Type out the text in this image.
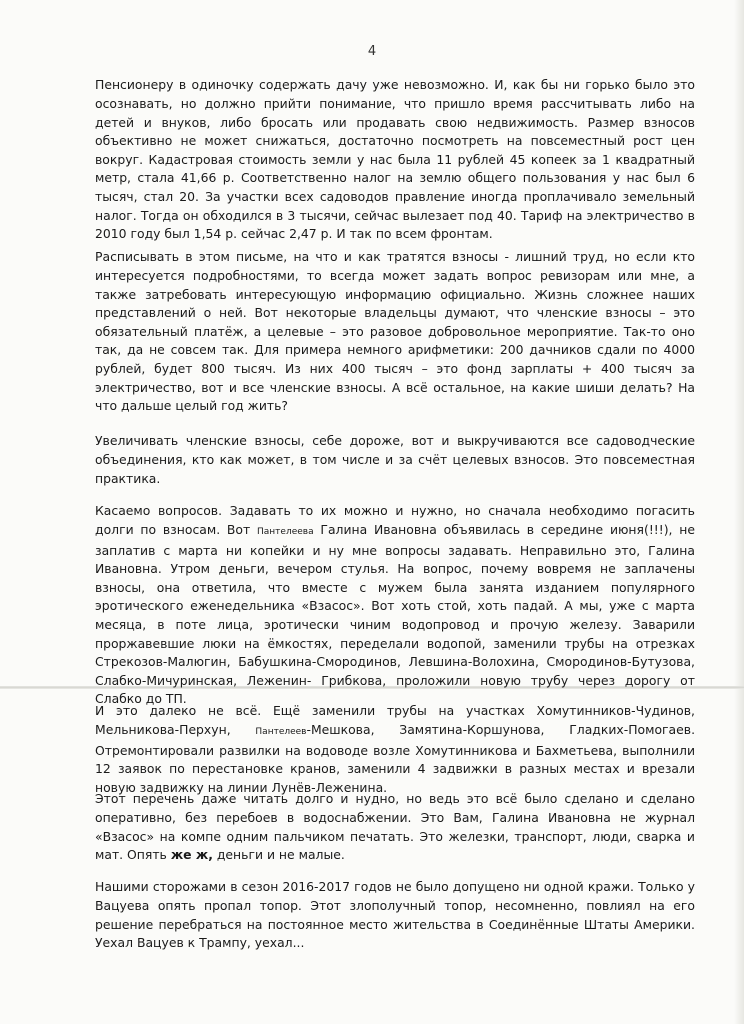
4

Пенсионеру в одиночку содержать дачу уже невозможно. И, как бы ни горько было это осознавать, но должно прийти понимание, что пришло время рассчитывать либо на детей и внуков, либо бросать или продавать свою недвижимость. Размер взносов объективно не может снижаться, достаточно посмотреть на повсеместный рост цен вокруг. Кадастровая стоимость земли у нас была 11 рублей 45 копеек за 1 квадратный метр, стала 41,66 р. Соответственно налог на землю общего пользования у нас был 6 тысяч, стал 20. За участки всех садоводов правление иногда проплачивало земельный налог. Тогда он обходился в 3 тысячи, сейчас вылезает под 40. Тариф на электричество в 2010 году был 1,54 р. сейчас 2,47 р. И так по всем фронтам.

Расписывать в этом письме, на что и как тратятся взносы - лишний труд, но если кто интересуется подробностями, то всегда может задать вопрос ревизорам или мне, а также затребовать интересующую информацию официально. Жизнь сложнее наших представлений о ней. Вот некоторые владельцы думают, что членские взносы – это обязательный платёж, а целевые – это разовое добровольное мероприятие. Так-то оно так, да не совсем так. Для примера немного арифметики: 200 дачников сдали по 4000 рублей, будет 800 тысяч. Из них 400 тысяч – это фонд зарплаты + 400 тысяч за электричество, вот и все членские взносы. А всё остальное, на какие шиши делать? На что дальше целый год жить?

Увеличивать членские взносы, себе дороже, вот и выкручиваются все садоводческие объединения, кто как может, в том числе и за счёт целевых взносов. Это повсеместная практика.

Касаемо вопросов. Задавать то их можно и нужно, но сначала необходимо погасить долги по взносам. Вот Пантелеева Галина Ивановна объявилась в середине июня(!!!), не заплатив с марта ни копейки и ну мне вопросы задавать. Неправильно это, Галина Ивановна. Утром деньги, вечером стулья. На вопрос, почему вовремя не заплачены взносы, она ответила, что вместе с мужем была занята изданием популярного эротического еженедельника «Взасос». Вот хоть стой, хоть падай. А мы, уже с марта месяца, в поте лица, эротически чиним водопровод и прочую железу. Заварили проржавевшие люки на ёмкостях, переделали водопой, заменили трубы на отрезках Стрекозов-Малюгин, Бабушкина-Смородинов, Левшина-Волохина, Смородинов-Бутузова, Слабко-Мичуринская, Леженин- Грибкова, проложили новую трубу через дорогу от Слабко до ТП.

И это далеко не всё. Ещё заменили трубы на участках Хомутинников-Чудинов, Мельникова-Перхун, Пантелеев-Мешкова, Замятина-Коршунова, Гладких-Помогаев. Отремонтировали развилки на водоводе возле Хомутинникова и Бахметьева, выполнили 12 заявок по перестановке кранов, заменили 4 задвижки в разных местах и врезали новую задвижку на линии Лунёв-Леженина.

Этот перечень даже читать долго и нудно, но ведь это всё было сделано и сделано оперативно, без перебоев в водоснабжении. Это Вам, Галина Ивановна не журнал «Взасос» на компе одним пальчиком печатать. Это железки, транспорт, люди, сварка и мат. Опять же ж, деньги и не малые.

Нашими сторожами в сезон 2016-2017 годов не было допущено ни одной кражи. Только у Вацуева опять пропал топор. Этот злополучный топор, несомненно, повлиял на его решение перебраться на постоянное место жительства в Соединённые Штаты Америки. Уехал Вацуев к Трампу, уехал...
